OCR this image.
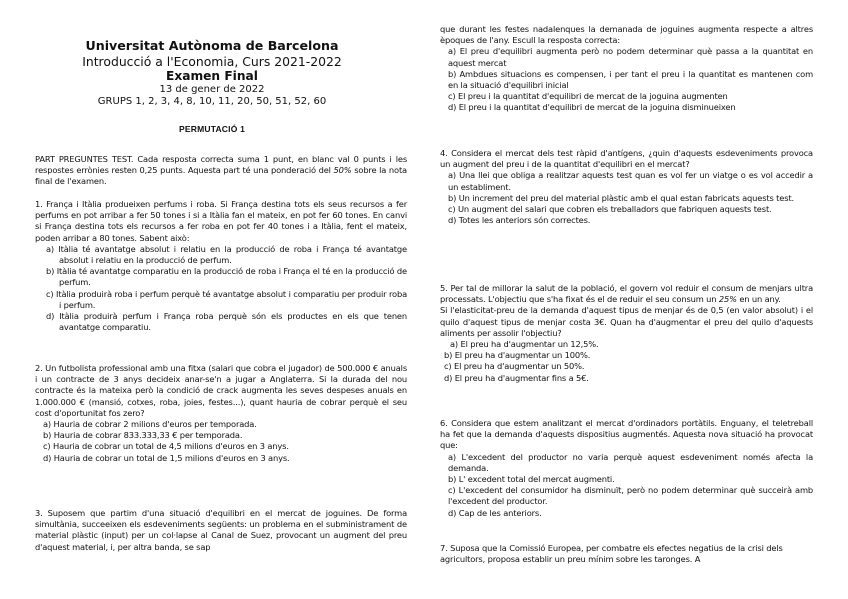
Universitat Autònoma de Barcelona
Introducció a l'Economia, Curs 2021-2022
Examen Final
13 de gener de 2022
GRUPS 1, 2, 3, 4, 8, 10, 11, 20, 50, 51, 52, 60
PERMUTACIÓ 1

PART PREGUNTES TEST. Cada resposta correcta suma 1 punt, en blanc val 0 punts i les respostes errònies resten 0,25 punts. Aquesta part té una ponderació del 50% sobre la nota final de l'examen.

1. França i Itàlia produeixen perfums i roba. Si França destina tots els seus recursos a fer perfums en pot arribar a fer 50 tones i si a Itàlia fan el mateix, en pot fer 60 tones. En canvi si França destina tots els recursos a fer roba en pot fer 40 tones i a Itàlia, fent el mateix, poden arribar a 80 tones. Sabent això:

a) Itàlia té avantatge absolut i relatiu en la producció de roba i França té avantatge absolut i relatiu en la producció de perfum.
b) Itàlia té avantatge comparatiu en la producció de roba i França el té en la producció de perfum.
c) Itàlia produirà roba i perfum perquè té avantatge absolut i comparatiu per produir roba i perfum.
d) Itàlia produirà perfum i França roba perquè són els productes en els que tenen avantatge comparatiu.

2. Un futbolista professional amb una fitxa (salari que cobra el jugador) de 500.000 € anuals i un contracte de 3 anys decideix anar-se'n a jugar a Anglaterra. Si la durada del nou contracte és la mateixa però la condició de crack augmenta les seves despeses anuals en 1.000.000 € (mansió, cotxes, roba, joies, festes...), quant hauria de cobrar perquè el seu cost d'oportunitat fos zero?

a) Hauria de cobrar 2 milions d'euros per temporada.
b) Hauria de cobrar 833.333,33 € per temporada.
c) Hauria de cobrar un total de 4,5 milions d'euros en 3 anys.
d) Hauria de cobrar un total de 1,5 milions d'euros en 3 anys.

3. Suposem que partim d'una situació d'equilibri en el mercat de joguines. De forma simultània, succeeixen els esdeveniments següents: un problema en el subministrament de material plàstic (input) per un col·lapse al Canal de Suez, provocant un augment del preu d'aquest material, i, per altra banda, se sap

que durant les festes nadalenques la demanada de joguines augmenta respecte a altres èpoques de l'any. Escull la resposta correcta:

a) El preu d'equilibri augmenta però no podem determinar què passa a la quantitat en aquest mercat
b) Ambdues situacions es compensen, i per tant el preu i la quantitat es mantenen com en la situació d'equilibri inicial
c) El preu i la quantitat d'equilibri de mercat de la joguina augmenten
d) El preu i la quantitat d'equilibri de mercat de la joguina disminueixen

4. Considera el mercat dels test ràpid d'antígens, ¿quin d'aquests esdeveniments provoca un augment del preu i de la quantitat d'equilibri en el mercat?

a) Una llei que obliga a realitzar aquests test quan es vol fer un viatge o es vol accedir a un establiment.
b) Un increment del preu del material plàstic amb el qual estan fabricats aquests test.
c) Un augment del salari que cobren els treballadors que fabriquen aquests test.
d) Totes les anteriors són correctes.

5. Per tal de millorar la salut de la població, el govern vol reduir el consum de menjars ultra processats. L'objectiu que s'ha fixat és el de reduir el seu consum un 25% en un any.

Si l'elasticitat-preu de la demanda d'aquest tipus de menjar és de 0,5 (en valor absolut) i el quilo d'aquest tipus de menjar costa 3€. Quan ha d'augmentar el preu del quilo d'aquests aliments per assolir l'objectiu?

a) El preu ha d'augmentar un 12,5%.
b) El preu ha d'augmentar un 100%.
c) El preu ha d'augmentar un 50%.
d) El preu ha d'augmentar fins a 5€.

6. Considera que estem analitzant el mercat d'ordinadors portàtils. Enguany, el teletreball ha fet que la demanda d'aquests dispositius augmentés. Aquesta nova situació ha provocat que:

a) L'excedent del productor no varia perquè aquest esdeveniment només afecta la demanda.
b) L' excedent total del mercat augmenti.
c) L'excedent del consumidor ha disminuït, però no podem determinar què succeirà amb l'excedent del productor.
d) Cap de les anteriors.

7. Suposa que la Comissió Europea, per combatre els efectes negatius de la crisi dels agricultors, proposa establir un preu mínim sobre les taronges. A
